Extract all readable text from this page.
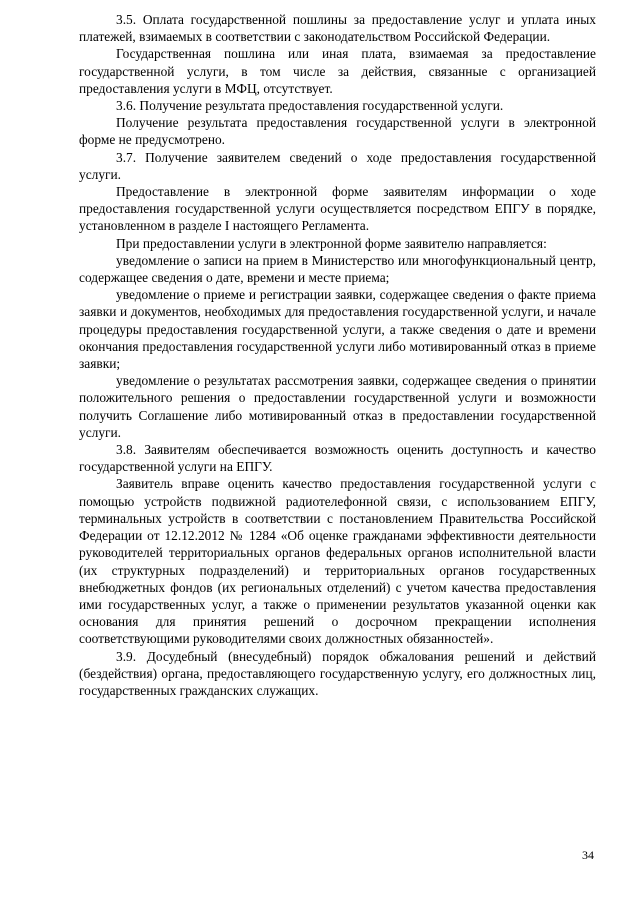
3.5. Оплата государственной пошлины за предоставление услуг и уплата иных платежей, взимаемых в соответствии с законодательством Российской Федерации.

Государственная пошлина или иная плата, взимаемая за предоставление государственной услуги, в том числе за действия, связанные с организацией предоставления услуги в МФЦ, отсутствует.

3.6. Получение результата предоставления государственной услуги.

Получение результата предоставления государственной услуги в электронной форме не предусмотрено.

3.7. Получение заявителем сведений о ходе предоставления государственной услуги.

Предоставление в электронной форме заявителям информации о ходе предоставления государственной услуги осуществляется посредством ЕПГУ в порядке, установленном в разделе I настоящего Регламента.

При предоставлении услуги в электронной форме заявителю направляется:

уведомление о записи на прием в Министерство или многофункциональный центр, содержащее сведения о дате, времени и месте приема;

уведомление о приеме и регистрации заявки, содержащее сведения о факте приема заявки и документов, необходимых для предоставления государственной услуги, и начале процедуры предоставления государственной услуги, а также сведения о дате и времени окончания предоставления государственной услуги либо мотивированный отказ в приеме заявки;

уведомление о результатах рассмотрения заявки, содержащее сведения о принятии положительного решения о предоставлении государственной услуги и возможности получить Соглашение либо мотивированный отказ в предоставлении государственной услуги.

3.8. Заявителям обеспечивается возможность оценить доступность и качество государственной услуги на ЕПГУ.

Заявитель вправе оценить качество предоставления государственной услуги с помощью устройств подвижной радиотелефонной связи, с использованием ЕПГУ, терминальных устройств в соответствии с постановлением Правительства Российской Федерации от 12.12.2012 № 1284 «Об оценке гражданами эффективности деятельности руководителей территориальных органов федеральных органов исполнительной власти (их структурных подразделений) и территориальных органов государственных внебюджетных фондов (их региональных отделений) с учетом качества предоставления ими государственных услуг, а также о применении результатов указанной оценки как основания для принятия решений о досрочном прекращении исполнения соответствующими руководителями своих должностных обязанностей».

3.9. Досудебный (внесудебный) порядок обжалования решений и действий (бездействия) органа, предоставляющего государственную услугу, его должностных лиц, государственных гражданских служащих.

34
